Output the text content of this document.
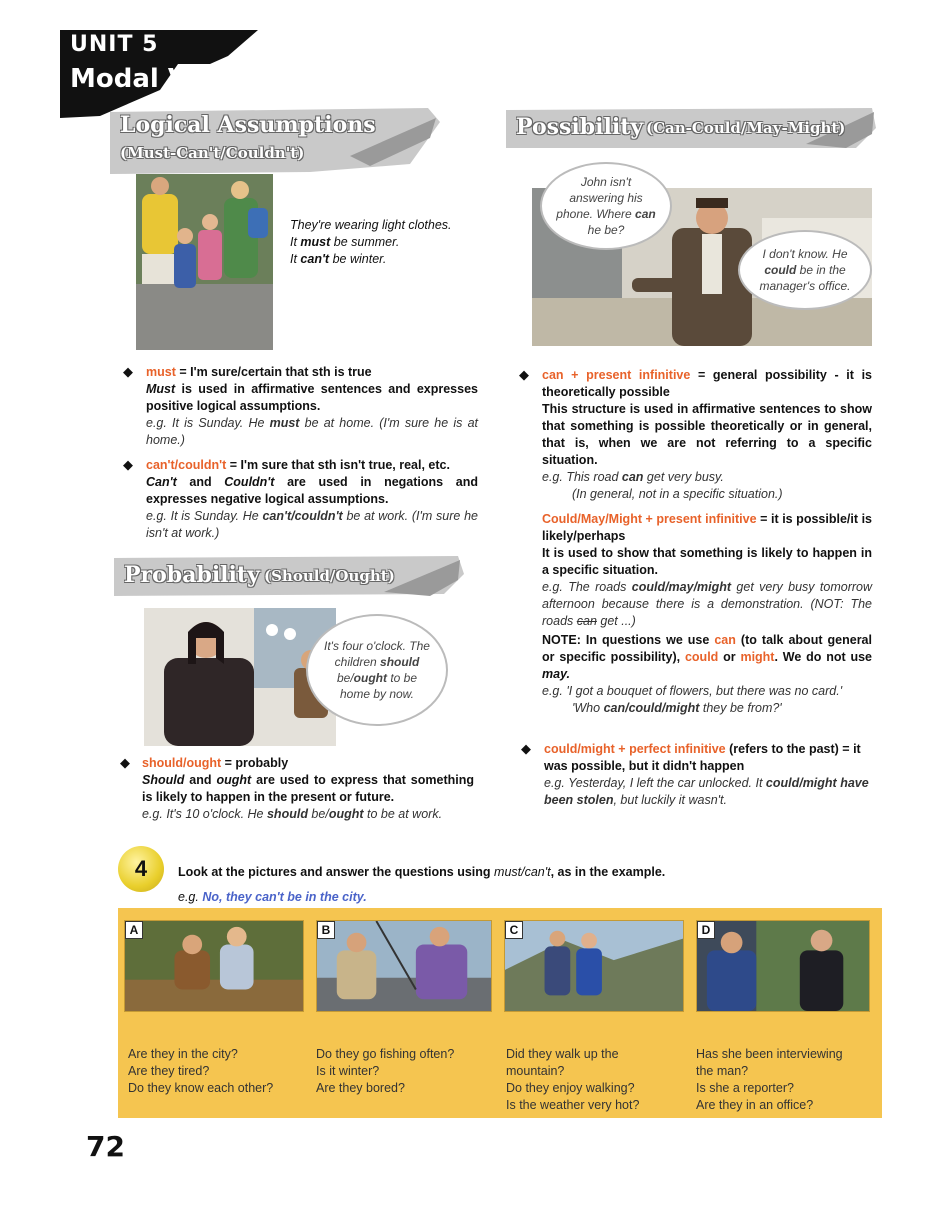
UNIT 5
Modal Verbs
Logical Assumptions
(Must-Can't/Couldn't)
Possibility (Can-Could/May-Might)
Probability (Should/Ought)
They're wearing light clothes.
It must be summer.
It can't be winter.
John isn't answering his phone. Where can he be?
I don't know. He could be in the manager's office.
◆ must = I'm sure/certain that sth is true
Must is used in affirmative sentences and expresses positive logical assumptions.
e.g. It is Sunday. He must be at home. (I'm sure he is at home.)
◆ can't/couldn't = I'm sure that sth isn't true, real, etc.
Can't and Couldn't are used in negations and expresses negative logical assumptions.
e.g. It is Sunday. He can't/couldn't be at work. (I'm sure he isn't at work.)
It's four o'clock. The children should be/ought to be home by now.
◆ should/ought = probably
Should and ought are used to express that something is likely to happen in the present or future.
e.g. It's 10 o'clock. He should be/ought to be at work.
◆ can + present infinitive = general possibility - it is theoretically possible
This structure is used in affirmative sentences to show that something is possible theoretically or in general, that is, when we are not referring to a specific situation.
e.g. This road can get very busy.
(In general, not in a specific situation.)
Could/May/Might + present infinitive = it is possible/it is likely/perhaps
It is used to show that something is likely to happen in a specific situation.
e.g. The roads could/may/might get very busy tomorrow afternoon because there is a demonstration. (NOT: The roads can get ...)
NOTE: In questions we use can (to talk about general or specific possibility), could or might. We do not use may.
e.g. 'I got a bouquet of flowers, but there was no card.'
'Who can/could/might they be from?'
◆ could/might + perfect infinitive (refers to the past) = it was possible, but it didn't happen
e.g. Yesterday, I left the car unlocked. It could/might have been stolen, but luckily it wasn't.
4	Look at the pictures and answer the questions using must/can't, as in the example.
e.g. No, they can't be in the city.
A	B	C	D
Are they in the city?
Are they tired?
Do they know each other?
Do they go fishing often?
Is it winter?
Are they bored?
Did they walk up the
mountain?
Do they enjoy walking?
Is the weather very hot?
Has she been interviewing
the man?
Is she a reporter?
Are they in an office?
72
